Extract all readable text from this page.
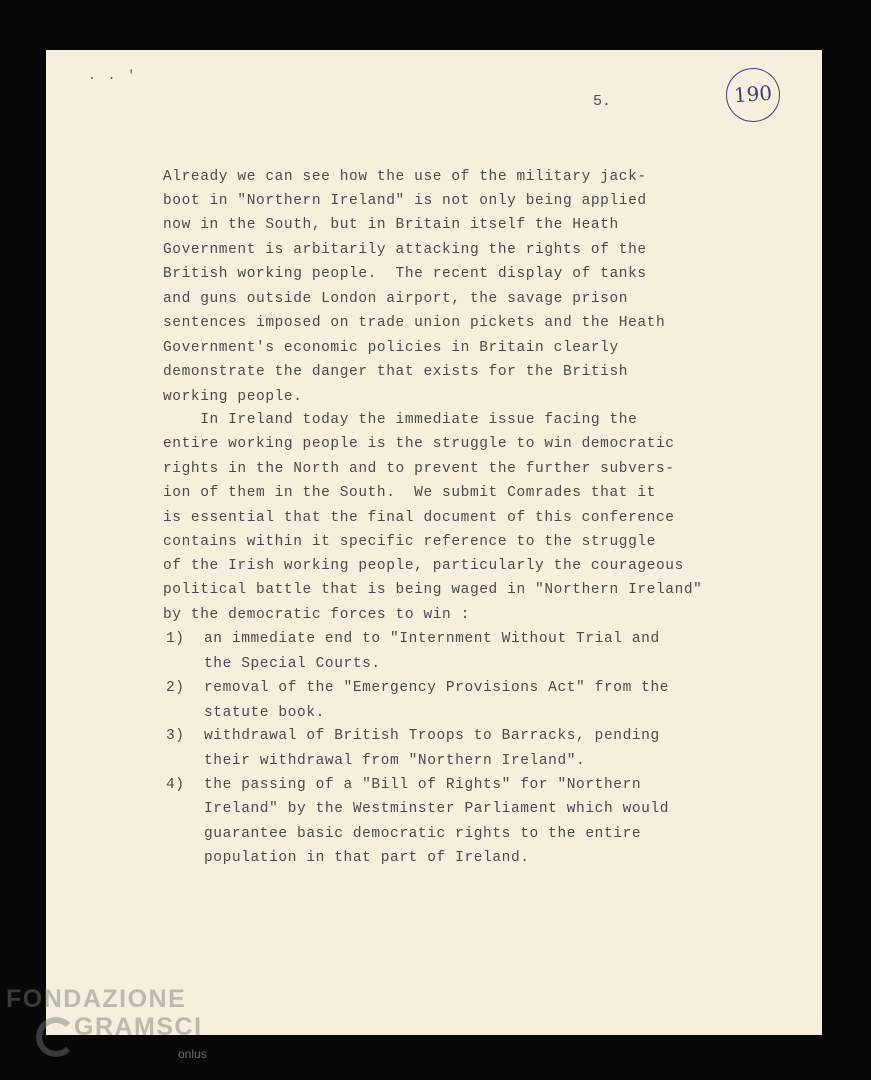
. . '
5.	190
Already we can see how the use of the military jack-
boot in "Northern Ireland" is not only being applied
now in the South, but in Britain itself the Heath
Government is arbitarily attacking the rights of the
British working people.  The recent display of tanks
and guns outside London airport, the savage prison
sentences imposed on trade union pickets and the Heath
Government's economic policies in Britain clearly
demonstrate the danger that exists for the British
working people.
In Ireland today the immediate issue facing the
entire working people is the struggle to win democratic
rights in the North and to prevent the further subvers-
ion of them in the South.  We submit Comrades that it
is essential that the final document of this conference
contains within it specific reference to the struggle
of the Irish working people, particularly the courageous
political battle that is being waged in "Northern Ireland"
by the democratic forces to win :
1) an immediate end to "Internment Without Trial and
the Special Courts.
2) removal of the "Emergency Provisions Act" from the
statute book.
3) withdrawal of British Troops to Barracks, pending
their withdrawal from "Northern Ireland".
4) the passing of a "Bill of Rights" for "Northern
Ireland" by the Westminster Parliament which would
guarantee basic democratic rights to the entire
population in that part of Ireland.
FONDAZIONE
GRAMSCI
onlus
